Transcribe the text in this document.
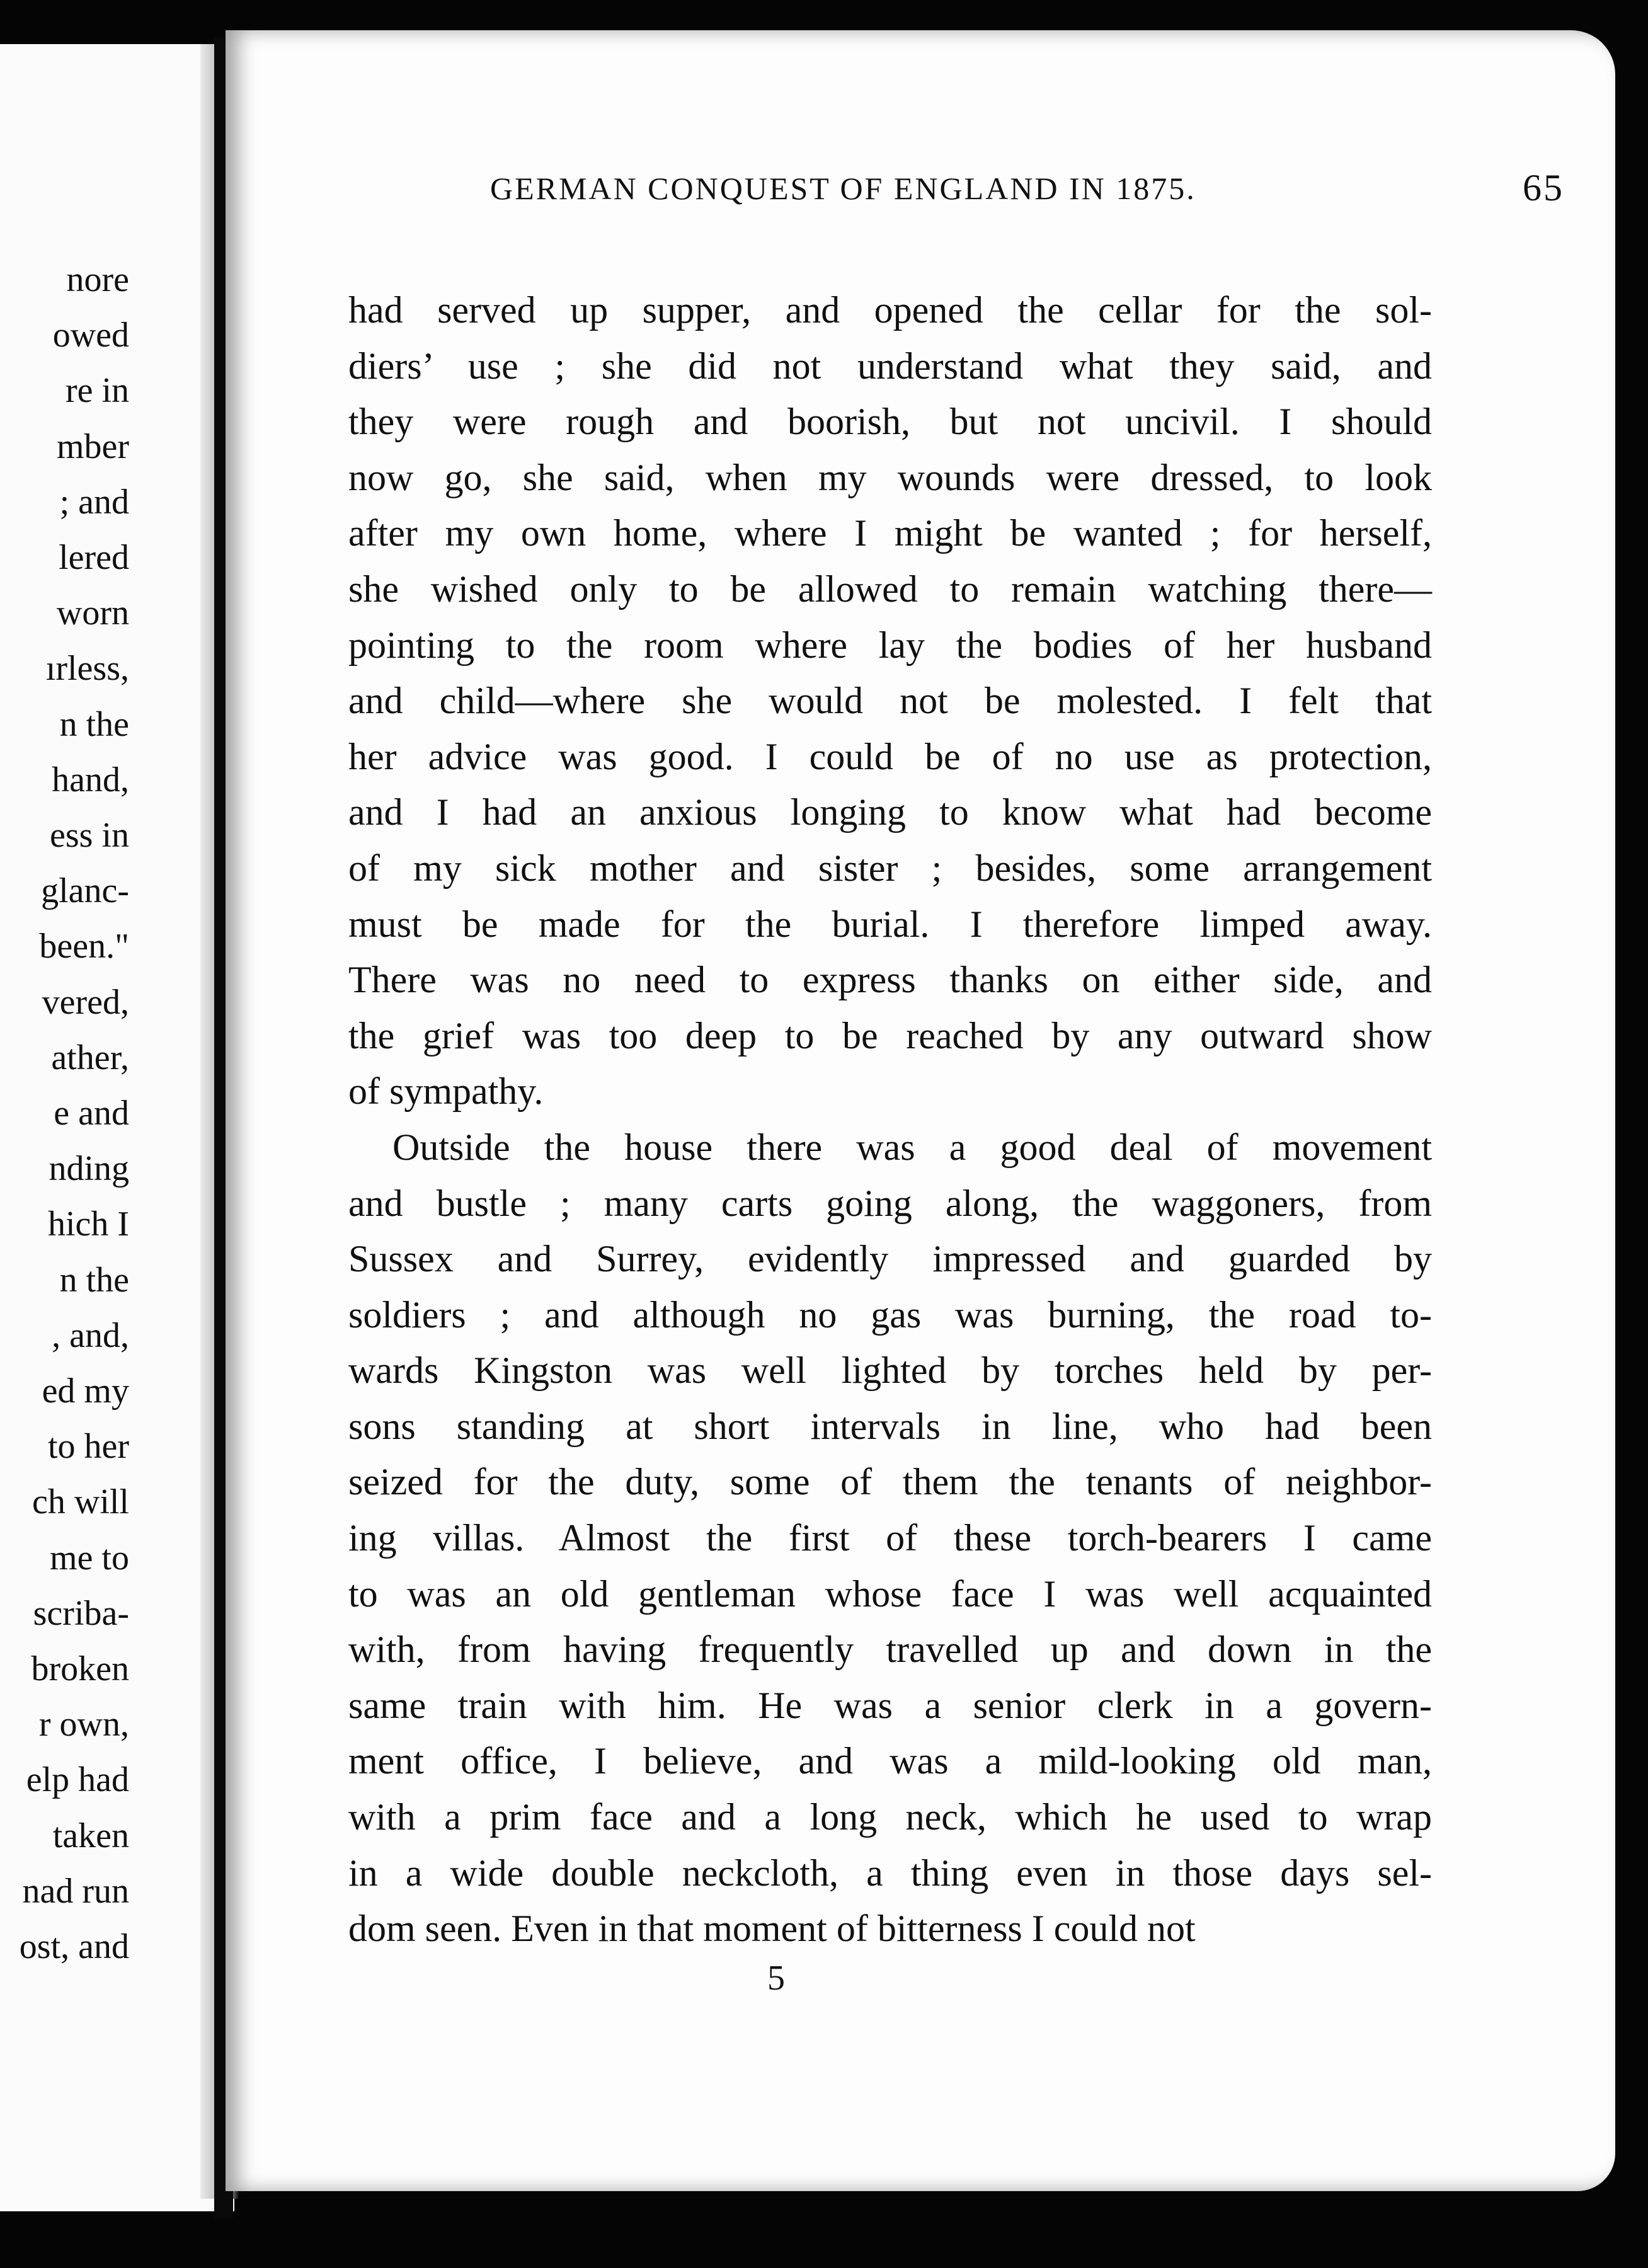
nore
owed
re in
mber
; and
lered
worn
ırless,
n the
hand,
ess in
glanc-
been."
vered,
ather,
e and
nding
hich I
n the
, and,
ed my
to her
ch will
me to
scriba-
broken
r own,
elp had
taken
nad run
ost, and
GERMAN CONQUEST OF ENGLAND IN 1875.	65
had served up supper, and opened the cellar for the sol-
diers’ use ; she did not understand what they said, and
they were rough and boorish, but not uncivil. I should
now go, she said, when my wounds were dressed, to look
after my own home, where I might be wanted ; for herself,
she wished only to be allowed to remain watching there—
pointing to the room where lay the bodies of her husband
and child—where she would not be molested. I felt that
her advice was good. I could be of no use as protection,
and I had an anxious longing to know what had become
of my sick mother and sister ; besides, some arrangement
must be made for the burial. I therefore limped away.
There was no need to express thanks on either side, and
the grief was too deep to be reached by any outward show
of sympathy.
Outside the house there was a good deal of movement
and bustle ; many carts going along, the waggoners, from
Sussex and Surrey, evidently impressed and guarded by
soldiers ; and although no gas was burning, the road to-
wards Kingston was well lighted by torches held by per-
sons standing at short intervals in line, who had been
seized for the duty, some of them the tenants of neighbor-
ing villas. Almost the first of these torch-bearers I came
to was an old gentleman whose face I was well acquainted
with, from having frequently travelled up and down in the
same train with him. He was a senior clerk in a govern-
ment office, I believe, and was a mild-looking old man,
with a prim face and a long neck, which he used to wrap
in a wide double neckcloth, a thing even in those days sel-
dom seen. Even in that moment of bitterness I could not
5
